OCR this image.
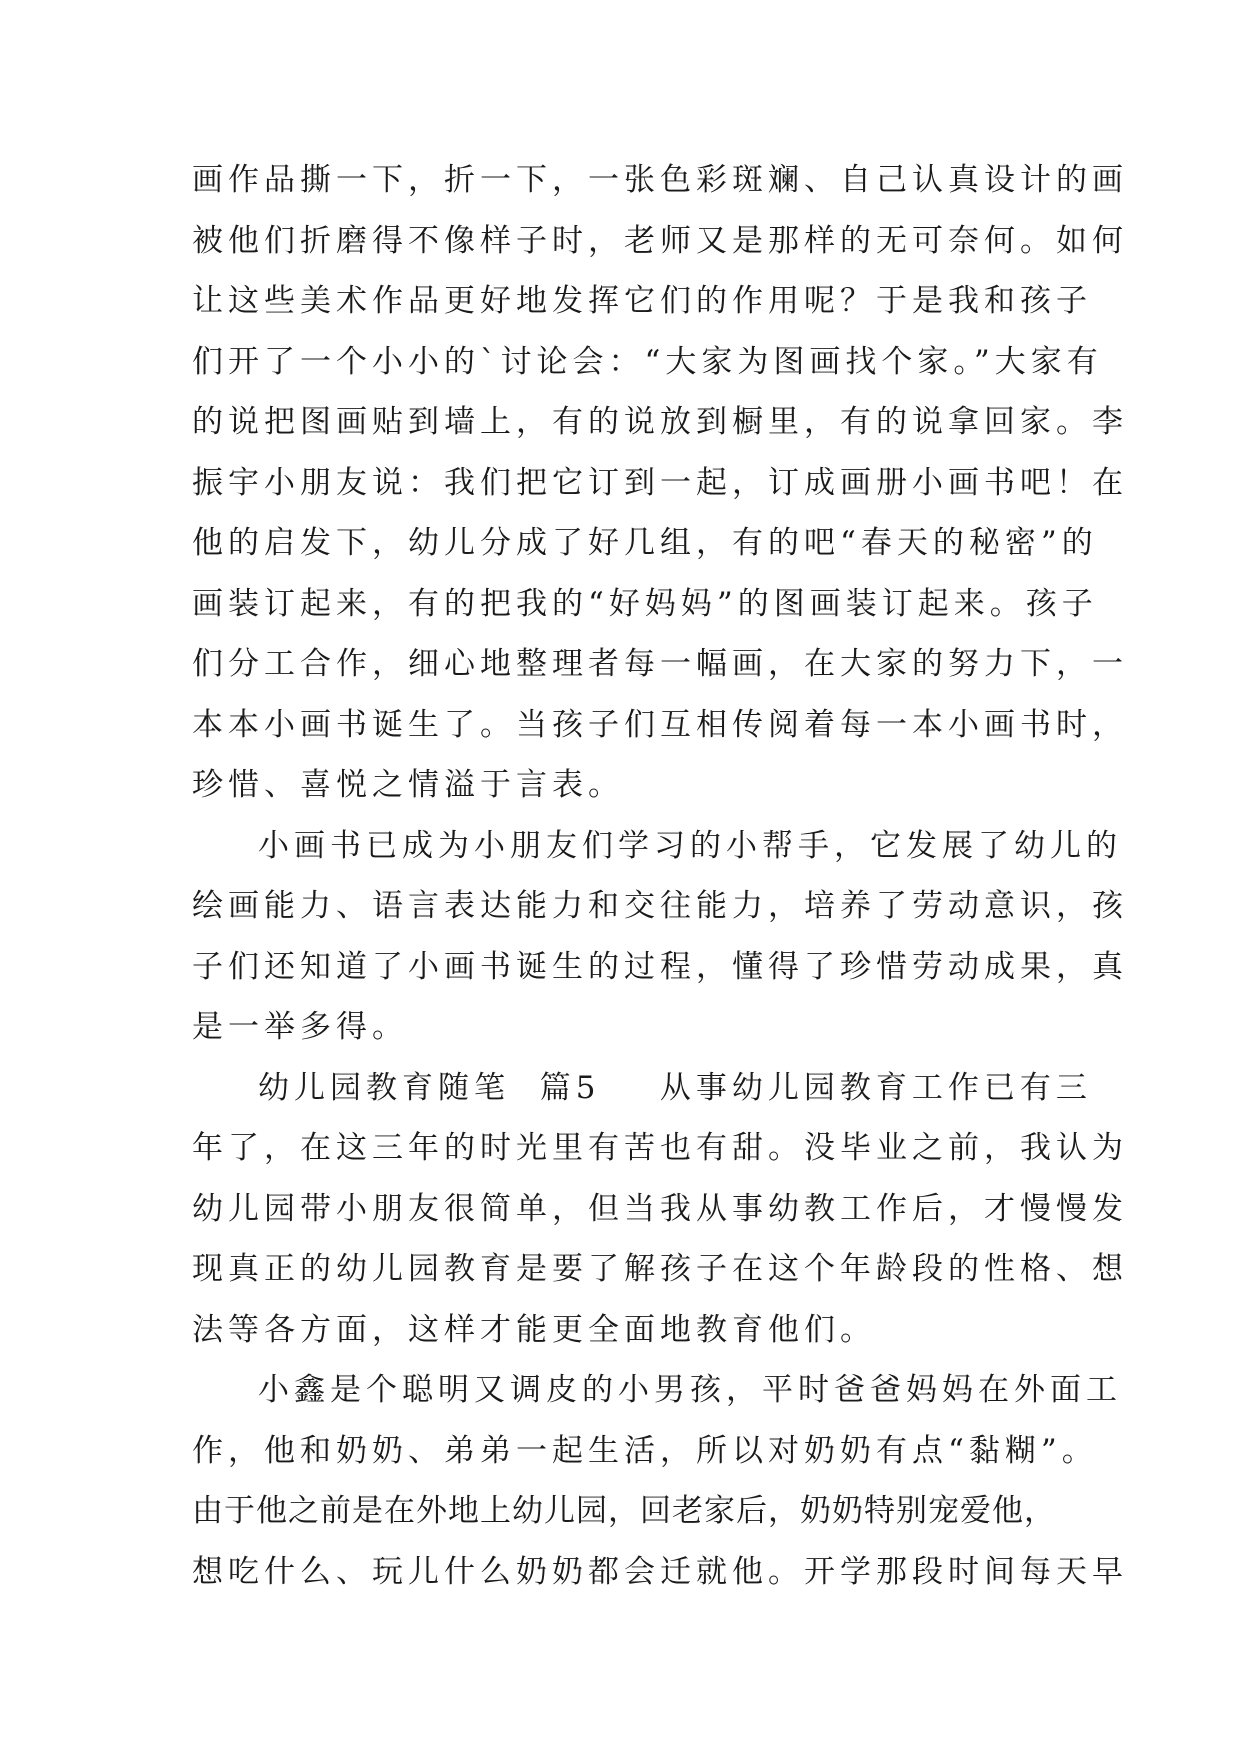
画作品撕一下，折一下，一张色彩斑斓、自己认真设计的画
被他们折磨得不像样子时，老师又是那样的无可奈何。如何
让这些美术作品更好地发挥它们的作用呢？于是我和孩子
们开了一个小小的`讨论会：“大家为图画找个家。”大家有
的说把图画贴到墙上，有的说放到橱里，有的说拿回家。李
振宇小朋友说：我们把它订到一起，订成画册小画书吧！在
他的启发下，幼儿分成了好几组，有的吧“春天的秘密”的
画装订起来，有的把我的“好妈妈”的图画装订起来。孩子
们分工合作，细心地整理者每一幅画，在大家的努力下，一
本本小画书诞生了。当孩子们互相传阅着每一本小画书时，
珍惜、喜悦之情溢于言表。
小画书已成为小朋友们学习的小帮手，它发展了幼儿的
绘画能力、语言表达能力和交往能力，培养了劳动意识，孩
子们还知道了小画书诞生的过程，懂得了珍惜劳动成果，真
是一举多得。
幼儿园教育随笔  篇5    从事幼儿园教育工作已有三
年了，在这三年的时光里有苦也有甜。没毕业之前，我认为
幼儿园带小朋友很简单，但当我从事幼教工作后，才慢慢发
现真正的幼儿园教育是要了解孩子在这个年龄段的性格、想
法等各方面，这样才能更全面地教育他们。
小鑫是个聪明又调皮的小男孩，平时爸爸妈妈在外面工
作，他和奶奶、弟弟一起生活，所以对奶奶有点“黏糊”。
由于他之前是在外地上幼儿园，回老家后，奶奶特别宠爱他，
想吃什么、玩儿什么奶奶都会迁就他。开学那段时间每天早
